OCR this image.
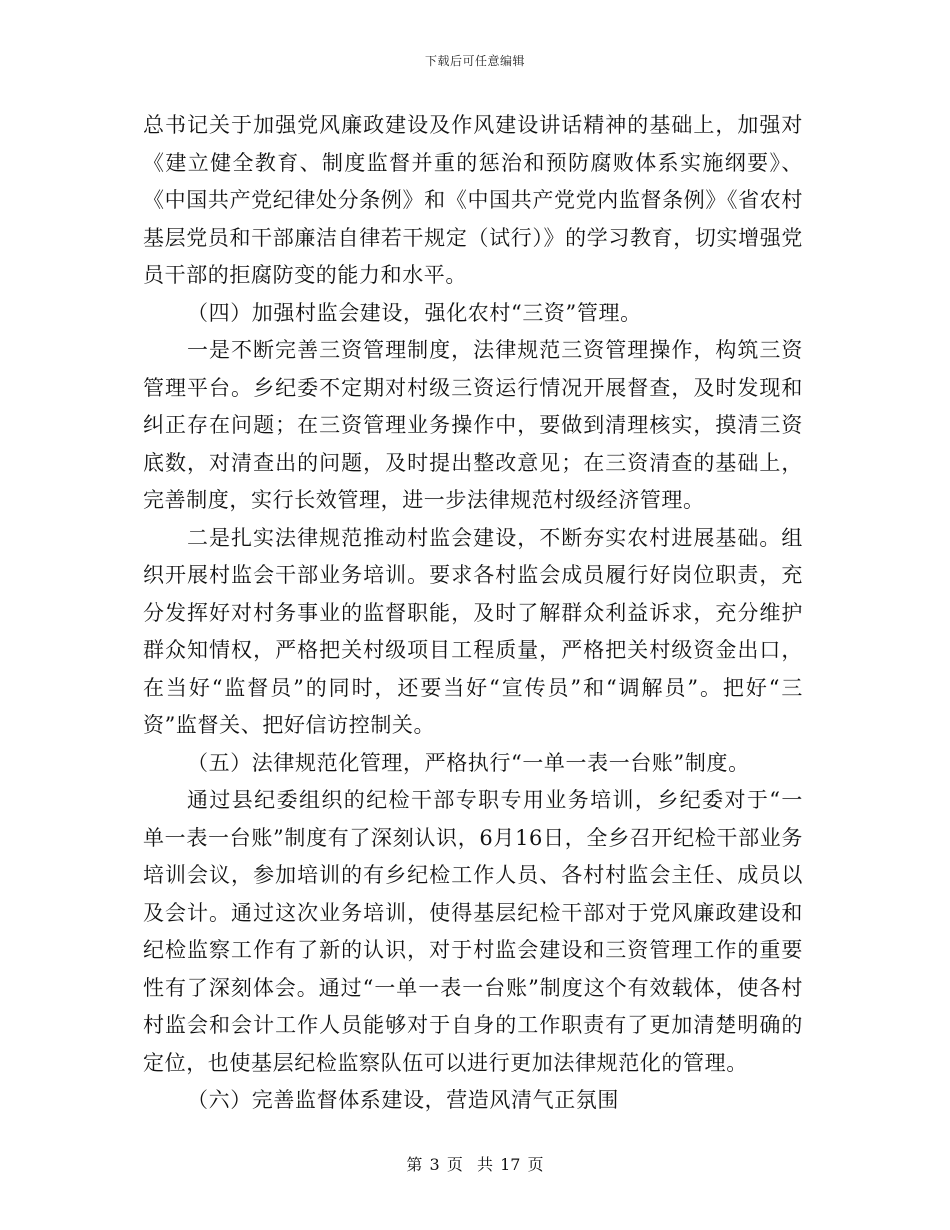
下载后可任意编辑

总书记关于加强党风廉政建设及作风建设讲话精神的基础上，加强对《建立健全教育、制度监督并重的惩治和预防腐败体系实施纲要》、《中国共产党纪律处分条例》和《中国共产党党内监督条例》《省农村基层党员和干部廉洁自律若干规定（试行）》的学习教育，切实增强党员干部的拒腐防变的能力和水平。

（四）加强村监会建设，强化农村“三资”管理。

一是不断完善三资管理制度，法律规范三资管理操作，构筑三资管理平台。乡纪委不定期对村级三资运行情况开展督查，及时发现和纠正存在问题；在三资管理业务操作中，要做到清理核实，摸清三资底数，对清查出的问题，及时提出整改意见；在三资清查的基础上，完善制度，实行长效管理，进一步法律规范村级经济管理。

二是扎实法律规范推动村监会建设，不断夯实农村进展基础。组织开展村监会干部业务培训。要求各村监会成员履行好岗位职责，充分发挥好对村务事业的监督职能，及时了解群众利益诉求，充分维护群众知情权，严格把关村级项目工程质量，严格把关村级资金出口，在当好“监督员”的同时，还要当好“宣传员”和“调解员”。把好“三资”监督关、把好信访控制关。

（五）法律规范化管理，严格执行“一单一表一台账”制度。

通过县纪委组织的纪检干部专职专用业务培训，乡纪委对于“一单一表一台账”制度有了深刻认识，6月16日，全乡召开纪检干部业务培训会议，参加培训的有乡纪检工作人员、各村村监会主任、成员以及会计。通过这次业务培训，使得基层纪检干部对于党风廉政建设和纪检监察工作有了新的认识，对于村监会建设和三资管理工作的重要性有了深刻体会。通过“一单一表一台账”制度这个有效载体，使各村村监会和会计工作人员能够对于自身的工作职责有了更加清楚明确的定位，也使基层纪检监察队伍可以进行更加法律规范化的管理。

（六）完善监督体系建设，营造风清气正氛围

第 3 页  共 17 页
